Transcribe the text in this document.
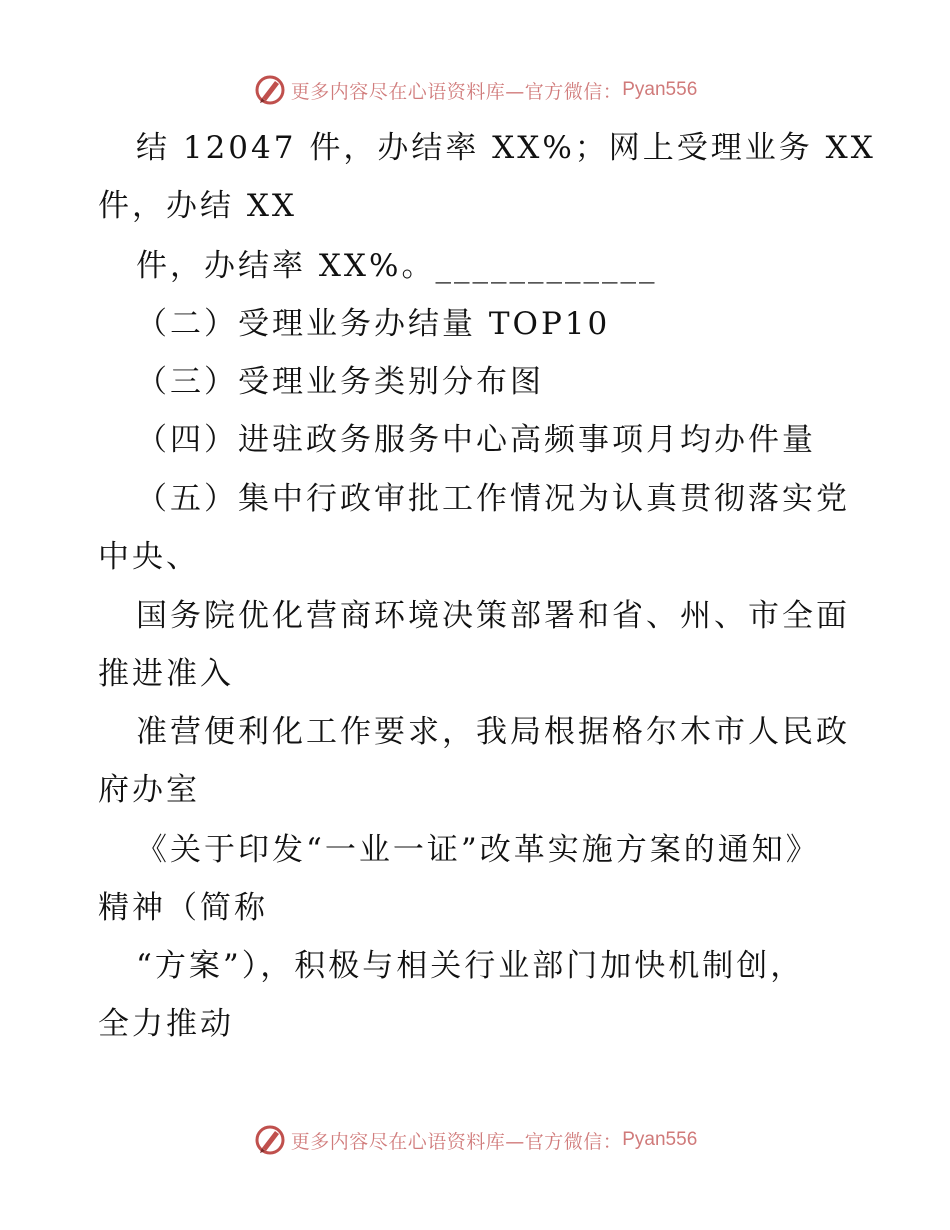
更多内容尽在心语资料库—官方微信： Pyan556
结 12047 件，办结率 XX%；网上受理业务 XX
件，办结 XX
件，办结率 XX%。____________
（二）受理业务办结量 TOP10
（三）受理业务类别分布图
（四）进驻政务服务中心高频事项月均办件量
（五）集中行政审批工作情况为认真贯彻落实党
中央、
国务院优化营商环境决策部署和省、州、市全面
推进准入
准营便利化工作要求，我局根据格尔木市人民政
府办室
《关于印发“一业一证”改革实施方案的通知》
精神（简称
“方案”），积极与相关行业部门加快机制创，
全力推动
更多内容尽在心语资料库—官方微信： Pyan556
